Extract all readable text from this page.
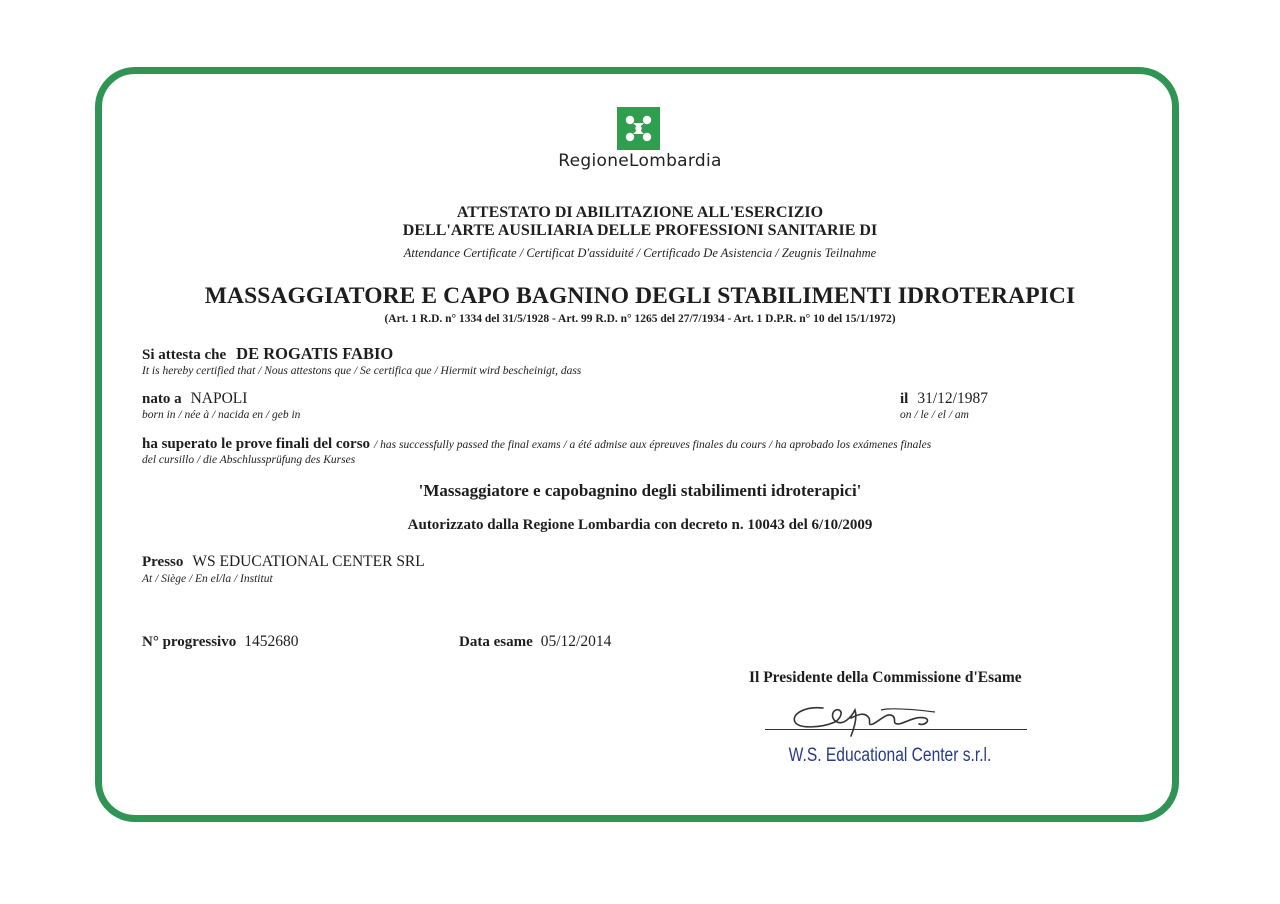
RegioneLombardia
ATTESTATO DI ABILITAZIONE ALL'ESERCIZIO
DELL'ARTE AUSILIARIA DELLE PROFESSIONI SANITARIE DI
Attendance Certificate / Certificat D'assiduité / Certificado De Asistencia / Zeugnis Teilnahme
MASSAGGIATORE E CAPO BAGNINO DEGLI STABILIMENTI IDROTERAPICI
(Art. 1 R.D. n° 1334 del 31/5/1928 - Art. 99 R.D. n° 1265 del 27/7/1934 - Art. 1 D.P.R. n° 10 del 15/1/1972)
Si attesta che DE ROGATIS FABIO
It is hereby certified that / Nous attestons que / Se certifica que / Hiermit wird bescheinigt, dass
nato a NAPOLI
born in / née à / nacida en / geb in
il 31/12/1987
on / le / el / am
ha superato le prove finali del corso / has successfully passed the final exams / a été admise aux épreuves finales du cours / ha aprobado los exámenes finales
del cursillo / die Abschlussprüfung des Kurses
'Massaggiatore e capobagnino degli stabilimenti idroterapici'
Autorizzato dalla Regione Lombardia con decreto n. 10043 del 6/10/2009
Presso WS EDUCATIONAL CENTER SRL
At / Siège / En el/la / Institut
N° progressivo 1452680	Data esame 05/12/2014
Il Presidente della Commissione d'Esame
W.S. Educational Center s.r.l.
